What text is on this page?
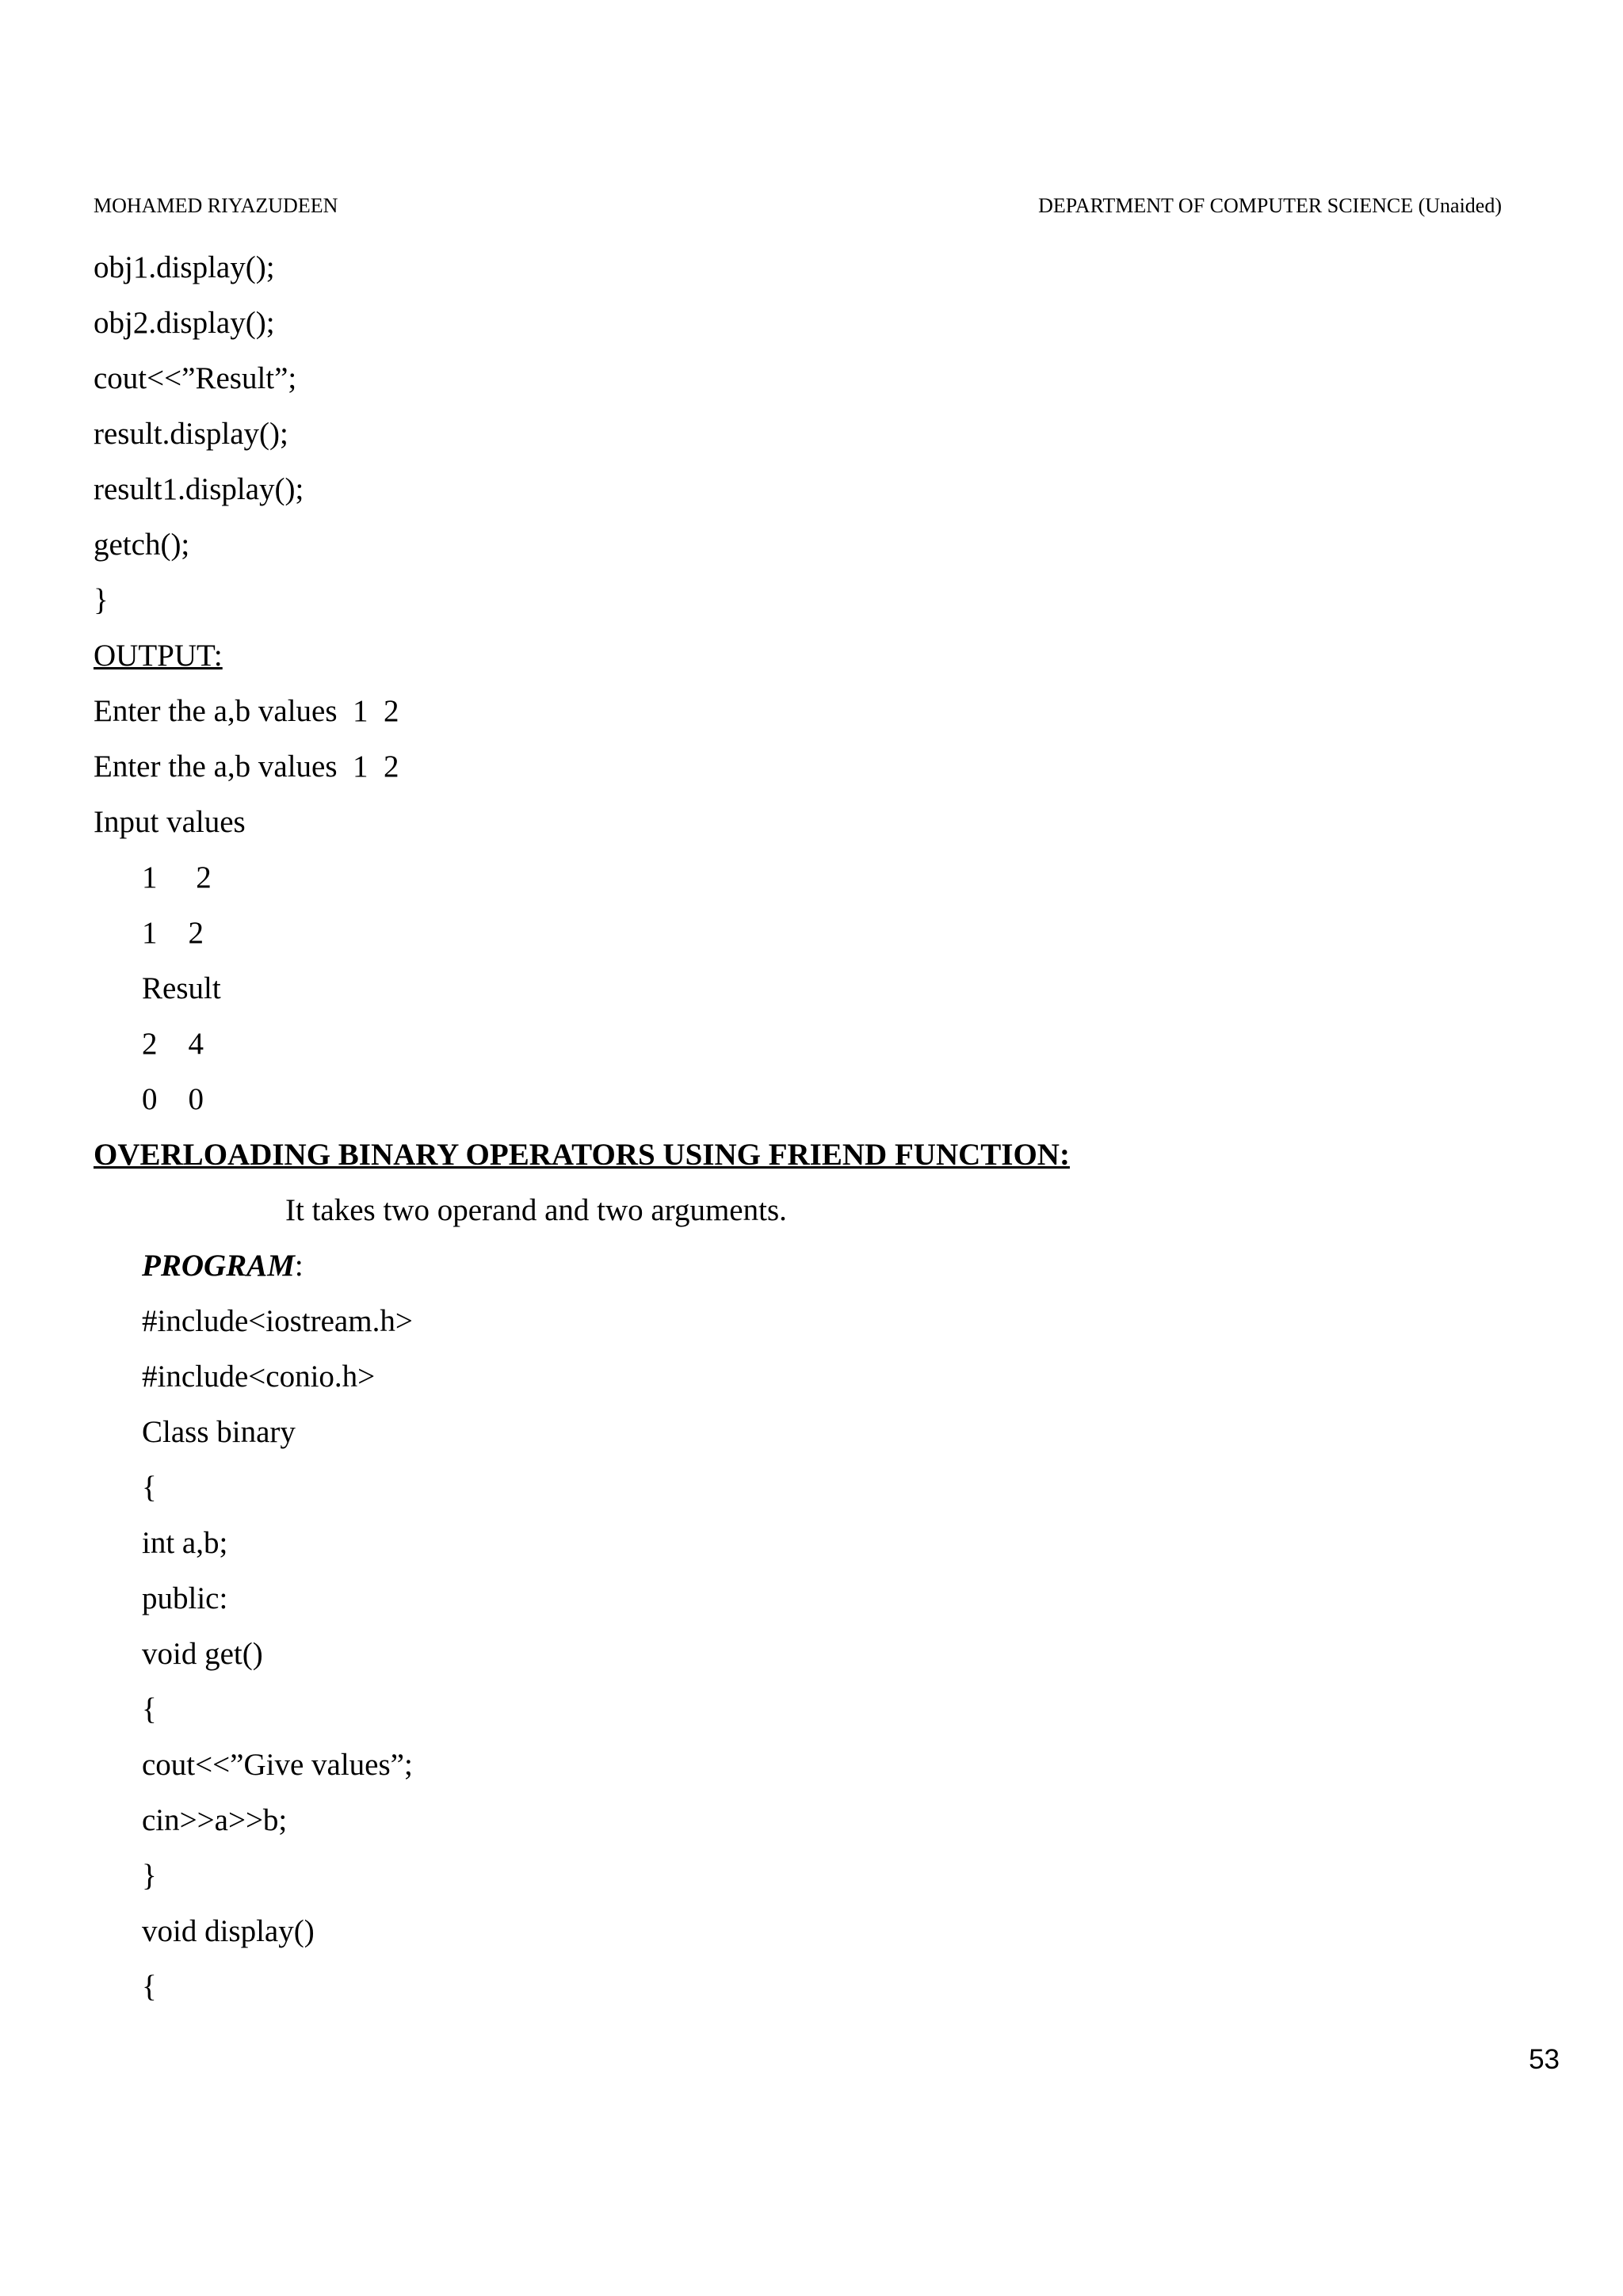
MOHAMED RIYAZUDEEN	DEPARTMENT OF COMPUTER SCIENCE (Unaided)
obj1.display();
obj2.display();
cout<<”Result”;
result.display();
result1.display();
getch();
}
OUTPUT:
Enter the a,b values  1  2
Enter the a,b values  1  2
Input values
1     2
1    2
Result
2    4
0    0
OVERLOADING BINARY OPERATORS USING FRIEND FUNCTION:
It takes two operand and two arguments.
PROGRAM:
#include<iostream.h>
#include<conio.h>
Class binary
{
int a,b;
public:
void get()
{
cout<<”Give values”;
cin>>a>>b;
}
void display()
{
53
